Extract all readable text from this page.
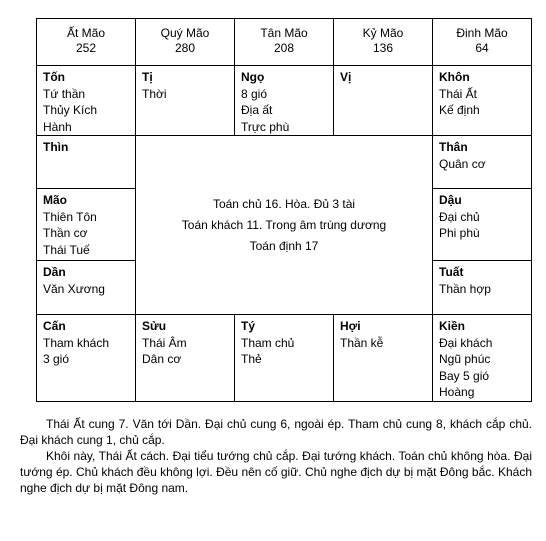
Ất Mão
252
Quý Mão
280
Tân Mão
208
Kỷ Mão
136
Đinh Mão
64
Tốn
Tứ thần
Thủy Kích
Hành
Tị
Thời
Ngọ
8 gió
Địa ất
Trực phù
Vị	Khôn
Thái Ất
Kế định
Thìn
Mão
Thiên Tôn
Thần cơ
Thái Tuế
Dần
Văn Xương
Toán chủ 16. Hòa. Đủ 3 tài
Toán khách 11. Trong âm trùng dương
Toán định 17
Thân
Quân cơ
Dậu
Đại chủ
Phi phù
Tuất
Thần hợp
Cấn
Tham khách
3 gió
Sửu
Thái Âm
Dân cơ
Tý
Tham chủ
Thẻ
Hợi
Thần kễ
Kiền
Đại khách
Ngũ phúc
Bay 5 gió
Hoàng

Thái Ất cung 7. Văn tới Dần. Đại chủ cung 6, ngoài ép. Tham chủ cung 8, khách cắp chủ. Đại khách cung 1, chủ cắp.

Khôi này, Thái Ất cách. Đại tiểu tướng chủ cắp. Đại tướng khách. Toán chủ không hòa. Đại tướng ép. Chủ khách đều không lợi. Đều nên cố giữ. Chủ nghe địch dự bị mặt Đông bắc. Khách nghe địch dự bị mặt Đông nam.
